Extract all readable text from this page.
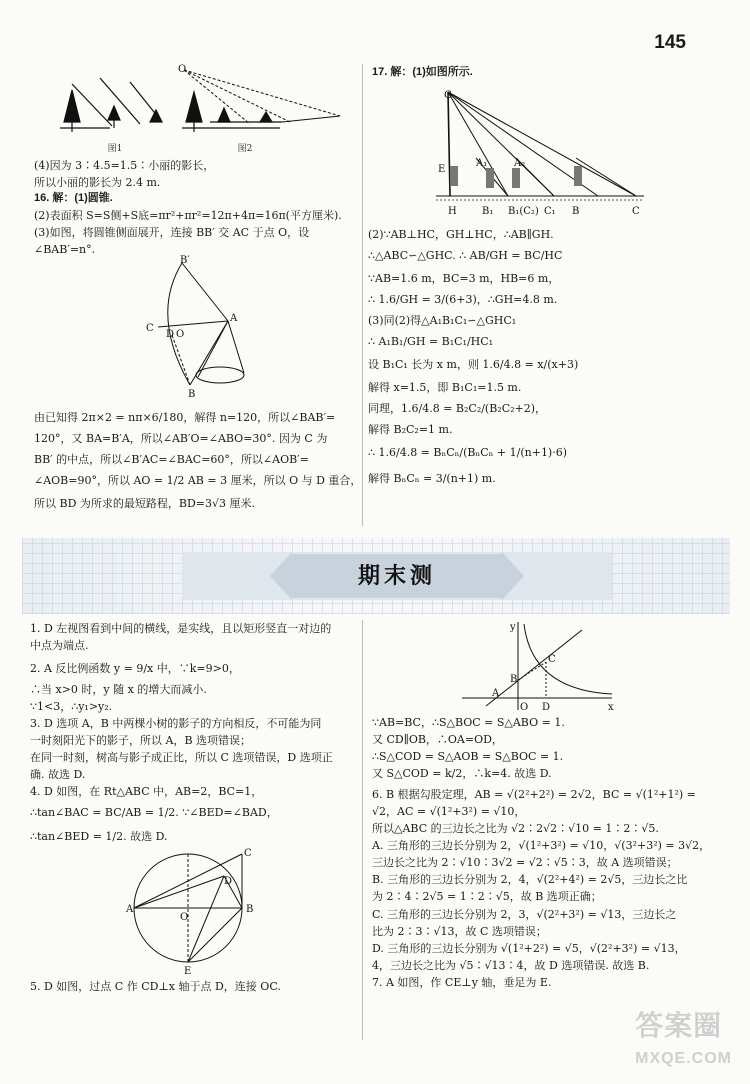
145
O
图1	图2
(4)因为 3∶4.5=1.5∶小丽的影长，
所以小丽的影长为 2.4 m.
16. 解：(1)圆锥.
(2)表面积 S=S侧+S底=πr²+πr²=12π+4π=16π(平方厘米).
(3)如图，将圆锥侧面展开，连接 BB′ 交 AC 于点 O，设
∠BAB′=n°.
B′
C
D O
A
B
由已知得 2π×2 = nπ×6/180，解得 n=120，所以∠BAB′=
120°，又 BA=B′A，所以∠AB′O=∠ABO=30°. 因为 C 为
BB′ 的中点，所以∠B′AC=∠BAC=60°，所以∠AOB′=
∠AOB=90°，所以 AO = 1/2 AB = 3 厘米，所以 O 与 D 重合，
所以 BD 为所求的最短路程，BD=3√3 厘米.
17. 解：(1)如图所示.
G
E
A₁	A₂
H	B₁ B₁(C₂) C₁ B	C
(2)∵AB⊥HC，GH⊥HC，∴AB∥GH.
∴△ABC∽△GHC. ∴ AB/GH = BC/HC
∵AB=1.6 m，BC=3 m，HB=6 m，
∴ 1.6/GH = 3/(6+3)，∴GH=4.8 m.
(3)同(2)得△A₁B₁C₁∽△GHC₁
∴ A₁B₁/GH = B₁C₁/HC₁
设 B₁C₁ 长为 x m，则 1.6/4.8 = x/(x+3)
解得 x=1.5，即 B₁C₁=1.5 m.
同理，1.6/4.8 = B₂C₂/(B₂C₂+2)，
解得 B₂C₂=1 m.
∴ 1.6/4.8 = BₙCₙ/(BₙCₙ + 1/(n+1)·6)
解得 BₙCₙ = 3/(n+1) m.
期末测
1. D 左视图看到中间的横线，是实线，且以矩形竖直一对边的
中点为端点.
2. A 反比例函数 y = 9/x 中，∵k=9>0，
∴当 x>0 时，y 随 x 的增大而减小.
∵1<3，∴y₁>y₂.
3. D 选项 A，B 中两棵小树的影子的方向相反，不可能为同
一时刻阳光下的影子，所以 A，B 选项错误；
在同一时刻，树高与影子成正比，所以 C 选项错误，D 选项正
确. 故选 D.
4. D 如图，在 Rt△ABC 中，AB=2，BC=1，
∴tan∠BAC = BC/AB = 1/2. ∵∠BED=∠BAD，
∴tan∠BED = 1/2. 故选 D.
C
D
A
O
B
E
5. D 如图，过点 C 作 CD⊥x 轴于点 D，连接 OC.
y
C
B
A
O D	x
∵AB=BC，∴S△BOC = S△ABO = 1.
又 CD∥OB，∴OA=OD，
∴S△COD = S△AOB = S△BOC = 1.
又 S△COD = k/2，∴k=4. 故选 D.
6. B 根据勾股定理，AB = √(2²+2²) = 2√2，BC = √(1²+1²) =
√2，AC = √(1²+3²) = √10，
所以△ABC 的三边长之比为 √2∶2√2∶√10 = 1∶2∶√5.
A. 三角形的三边长分别为 2，√(1²+3²) = √10，√(3²+3²) = 3√2，
三边长之比为 2∶√10∶3√2 = √2∶√5∶3，故 A 选项错误；
B. 三角形的三边长分别为 2，4，√(2²+4²) = 2√5，三边长之比
为 2∶4∶2√5 = 1∶2∶√5，故 B 选项正确；
C. 三角形的三边长分别为 2，3，√(2²+3²) = √13，三边长之
比为 2∶3∶√13，故 C 选项错误；
D. 三角形的三边长分别为 √(1²+2²) = √5，√(2²+3²) = √13，
4，三边长之比为 √5∶√13∶4，故 D 选项错误. 故选 B.
7. A 如图，作 CE⊥y 轴，垂足为 E.
答案圈
MXQE.COM
